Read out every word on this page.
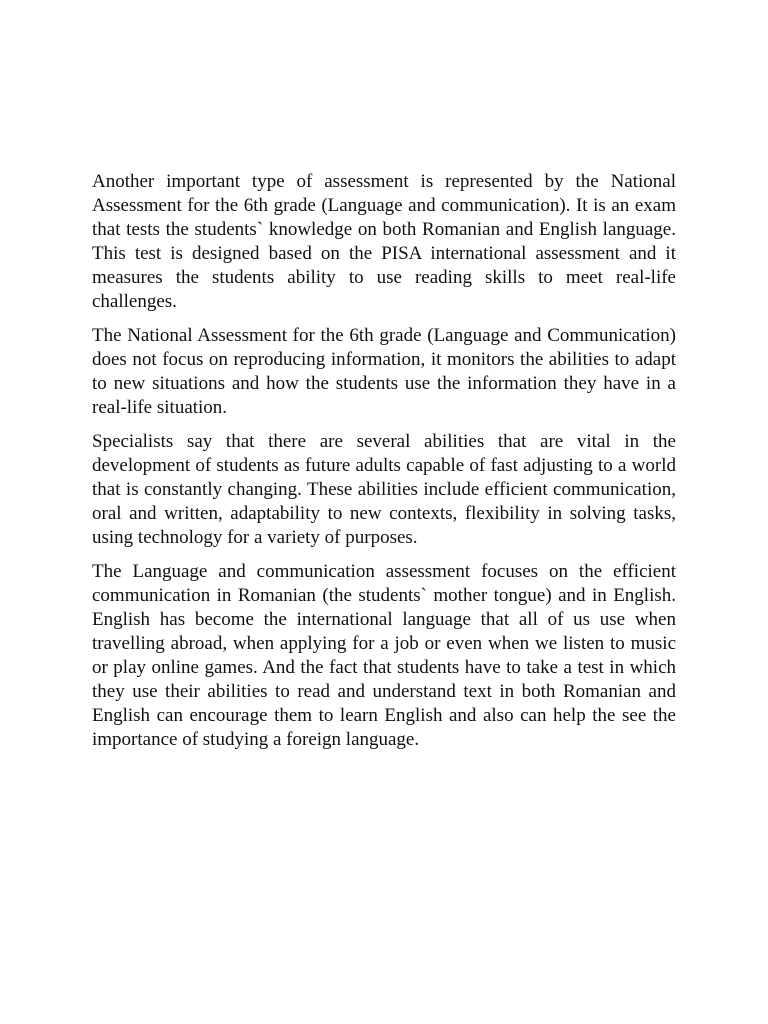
Another important type of assessment is represented by the National Assessment for the 6th grade (Language and communication). It is an exam that tests the students` knowledge on both Romanian and English language. This test is designed based on the PISA international assessment and it measures the students ability to use reading skills to meet real-life challenges.

The National Assessment for the 6th grade (Language and Communication) does not focus on reproducing information, it monitors the abilities to adapt to new situations and how the students use the information they have in a real-life situation.

Specialists say that there are several abilities that are vital in the development of students as future adults capable of fast adjusting to a world that is constantly changing. These abilities include efficient communication, oral and written, adaptability to new contexts, flexibility in solving tasks, using technology for a variety of purposes.

The Language and communication assessment focuses on the efficient communication in Romanian (the students` mother tongue) and in English. English has become the international language that all of us use when travelling abroad, when applying for a job or even when we listen to music or play online games. And the fact that students have to take a test in which they use their abilities to read and understand text in both Romanian and English can encourage them to learn English and also can help the see the importance of studying a foreign language.
